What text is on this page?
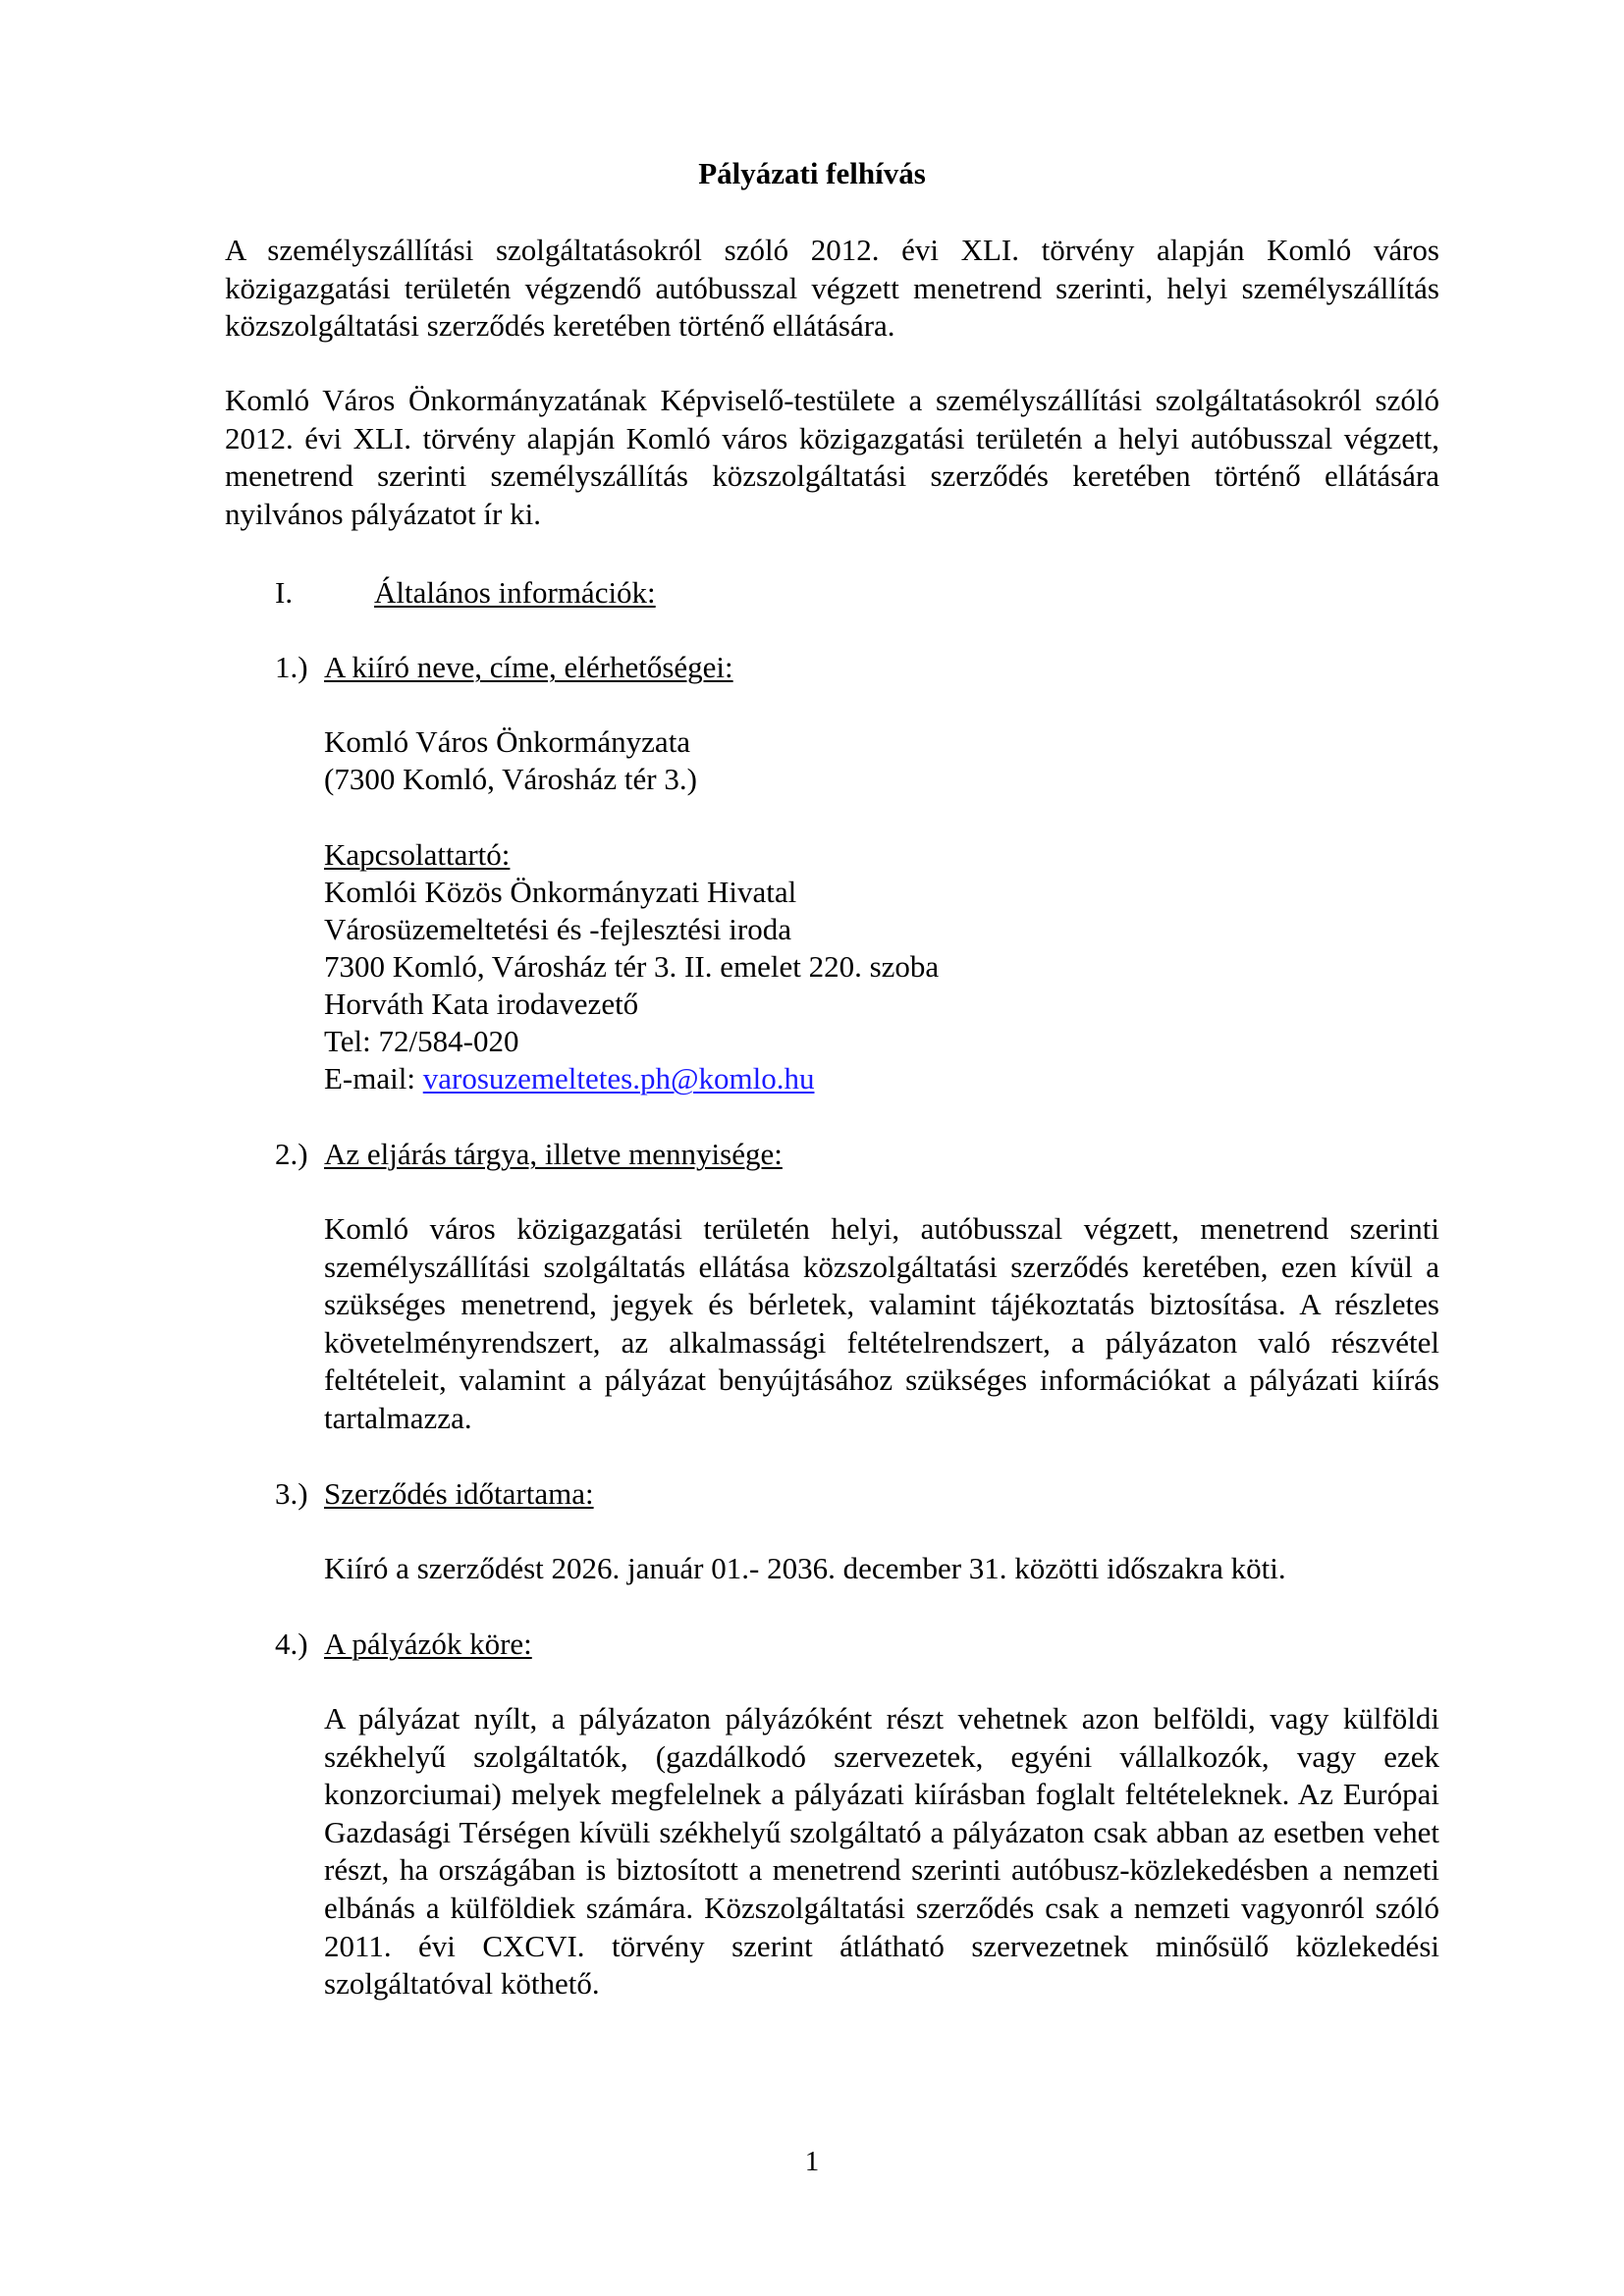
Pályázati felhívás
A személyszállítási szolgáltatásokról szóló 2012. évi XLI. törvény alapján Komló város közigazgatási területén végzendő autóbusszal végzett menetrend szerinti, helyi személyszállítás közszolgáltatási szerződés keretében történő ellátására.
Komló Város Önkormányzatának Képviselő-testülete a személyszállítási szolgáltatásokról szóló 2012. évi XLI. törvény alapján Komló város közigazgatási területén a helyi autóbusszal végzett, menetrend szerinti személyszállítás közszolgáltatási szerződés keretében történő ellátására nyilvános pályázatot ír ki.
I.	Általános információk:
1.) A kiíró neve, címe, elérhetőségei:
Komló Város Önkormányzata
(7300 Komló, Városház tér 3.)
Kapcsolattartó:
Komlói Közös Önkormányzati Hivatal
Városüzemeltetési és -fejlesztési iroda
7300 Komló, Városház tér 3. II. emelet 220. szoba
Horváth Kata irodavezető
Tel: 72/584-020
E-mail: varosuzemeltetes.ph@komlo.hu
2.) Az eljárás tárgya, illetve mennyisége:
Komló város közigazgatási területén helyi, autóbusszal végzett, menetrend szerinti személyszállítási szolgáltatás ellátása közszolgáltatási szerződés keretében, ezen kívül a szükséges menetrend, jegyek és bérletek, valamint tájékoztatás biztosítása. A részletes követelményrendszert, az alkalmassági feltételrendszert, a pályázaton való részvétel feltételeit, valamint a pályázat benyújtásához szükséges információkat a pályázati kiírás tartalmazza.
3.) Szerződés időtartama:
Kiíró a szerződést 2026. január 01.- 2036. december 31. közötti időszakra köti.
4.) A pályázók köre:
A pályázat nyílt, a pályázaton pályázóként részt vehetnek azon belföldi, vagy külföldi székhelyű szolgáltatók, (gazdálkodó szervezetek, egyéni vállalkozók, vagy ezek konzorciumai) melyek megfelelnek a pályázati kiírásban foglalt feltételeknek. Az Európai Gazdasági Térségen kívüli székhelyű szolgáltató a pályázaton csak abban az esetben vehet részt, ha országában is biztosított a menetrend szerinti autóbusz-közlekedésben a nemzeti elbánás a külföldiek számára. Közszolgáltatási szerződés csak a nemzeti vagyonról szóló 2011. évi CXCVI. törvény szerint átlátható szervezetnek minősülő közlekedési szolgáltatóval köthető.
1
